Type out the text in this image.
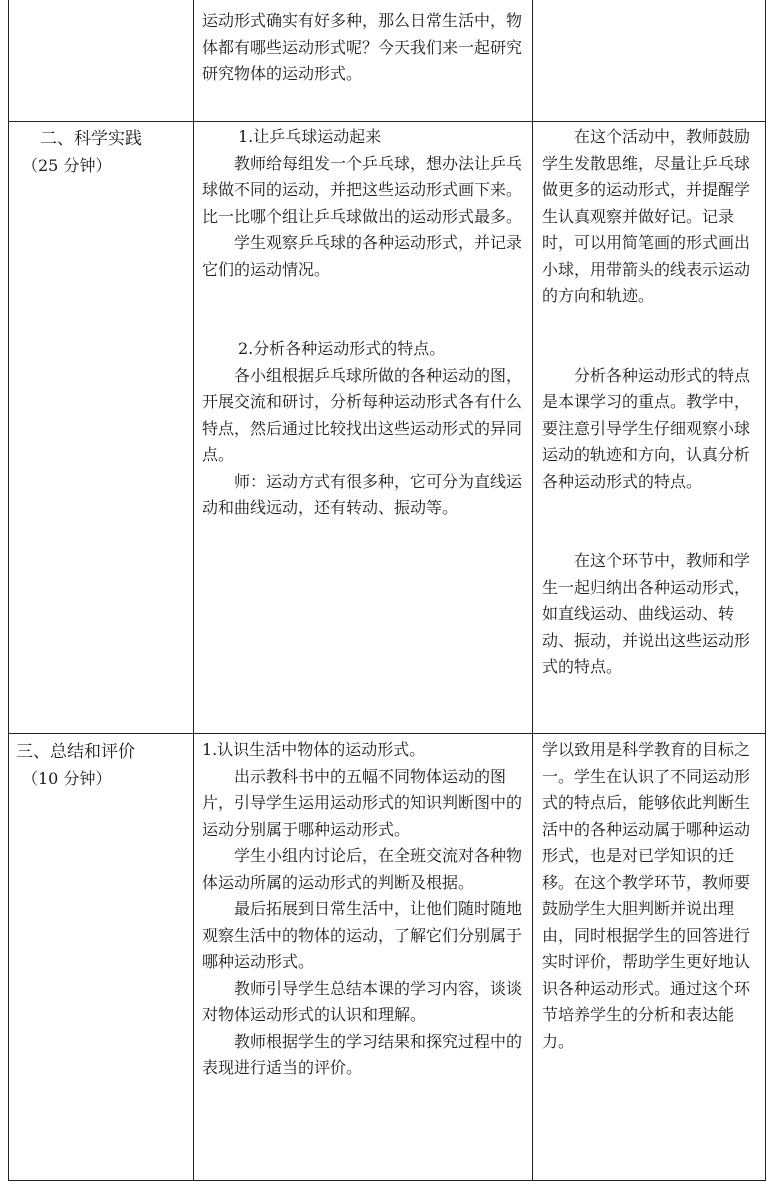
运动形式确实有好多种，那么日常生活中，物体都有哪些运动形式呢？今天我们来一起研究研究物体的运动形式。

二、科学实践

（25 分钟）

1.让乒乓球运动起来

教师给每组发一个乒乓球，想办法让乒乓球做不同的运动，并把这些运动形式画下来。比一比哪个组让乒乓球做出的运动形式最多。

学生观察乒乓球的各种运动形式，并记录它们的运动情况。

2.分析各种运动形式的特点。

各小组根据乒乓球所做的各种运动的图，开展交流和研讨，分析每种运动形式各有什么特点，然后通过比较找出这些运动形式的异同点。

师：运动方式有很多种，它可分为直线运动和曲线远动，还有转动、振动等。

在这个活动中，教师鼓励学生发散思维，尽量让乒乓球做更多的运动形式，并提醒学生认真观察并做好记。记录时，可以用简笔画的形式画出小球，用带箭头的线表示运动的方向和轨迹。

分析各种运动形式的特点是本课学习的重点。教学中，要注意引导学生仔细观察小球运动的轨迹和方向，认真分析各种运动形式的特点。

在这个环节中，教师和学生一起归纳出各种运动形式，如直线运动、曲线运动、转动、振动，并说出这些运动形式的特点。

三、总结和评价

（10 分钟）

1.认识生活中物体的运动形式。

出示教科书中的五幅不同物体运动的图片，引导学生运用运动形式的知识判断图中的运动分别属于哪种运动形式。

学生小组内讨论后，在全班交流对各种物体运动所属的运动形式的判断及根据。

最后拓展到日常生活中，让他们随时随地观察生活中的物体的运动，了解它们分别属于哪种运动形式。

教师引导学生总结本课的学习内容，谈谈对物体运动形式的认识和理解。

教师根据学生的学习结果和探究过程中的表现进行适当的评价。

学以致用是科学教育的目标之一。学生在认识了不同运动形式的特点后，能够依此判断生活中的各种运动属于哪种运动形式，也是对已学知识的迁移。在这个教学环节，教师要鼓励学生大胆判断并说出理由，同时根据学生的回答进行实时评价，帮助学生更好地认识各种运动形式。通过这个环节培养学生的分析和表达能力。
